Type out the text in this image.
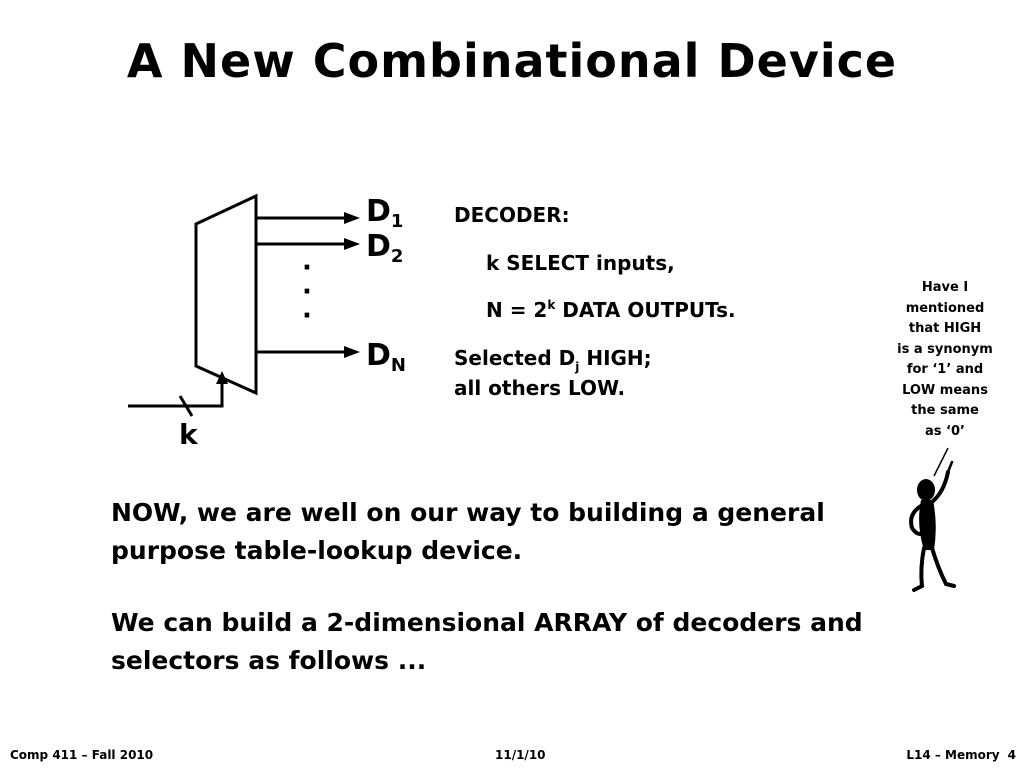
A New Combinational Device
· · ·
$D_1$
$D_2$
$D_N$
k
DECODER:
k SELECT inputs,
$N = 2^k$ DATA OUTPUTs.
Selected $D_j$ HIGH;
all others LOW.
NOW, we are well on our way to building a general
purpose table-lookup device.
We can build a 2-dimensional ARRAY of decoders and
selectors as follows ...
Have I
mentioned
that HIGH
is a synonym
for ‘1’ and
LOW means
the same
as ‘0’
Comp 411 – Fall 2010	11/1/10	L14 – Memory 4
